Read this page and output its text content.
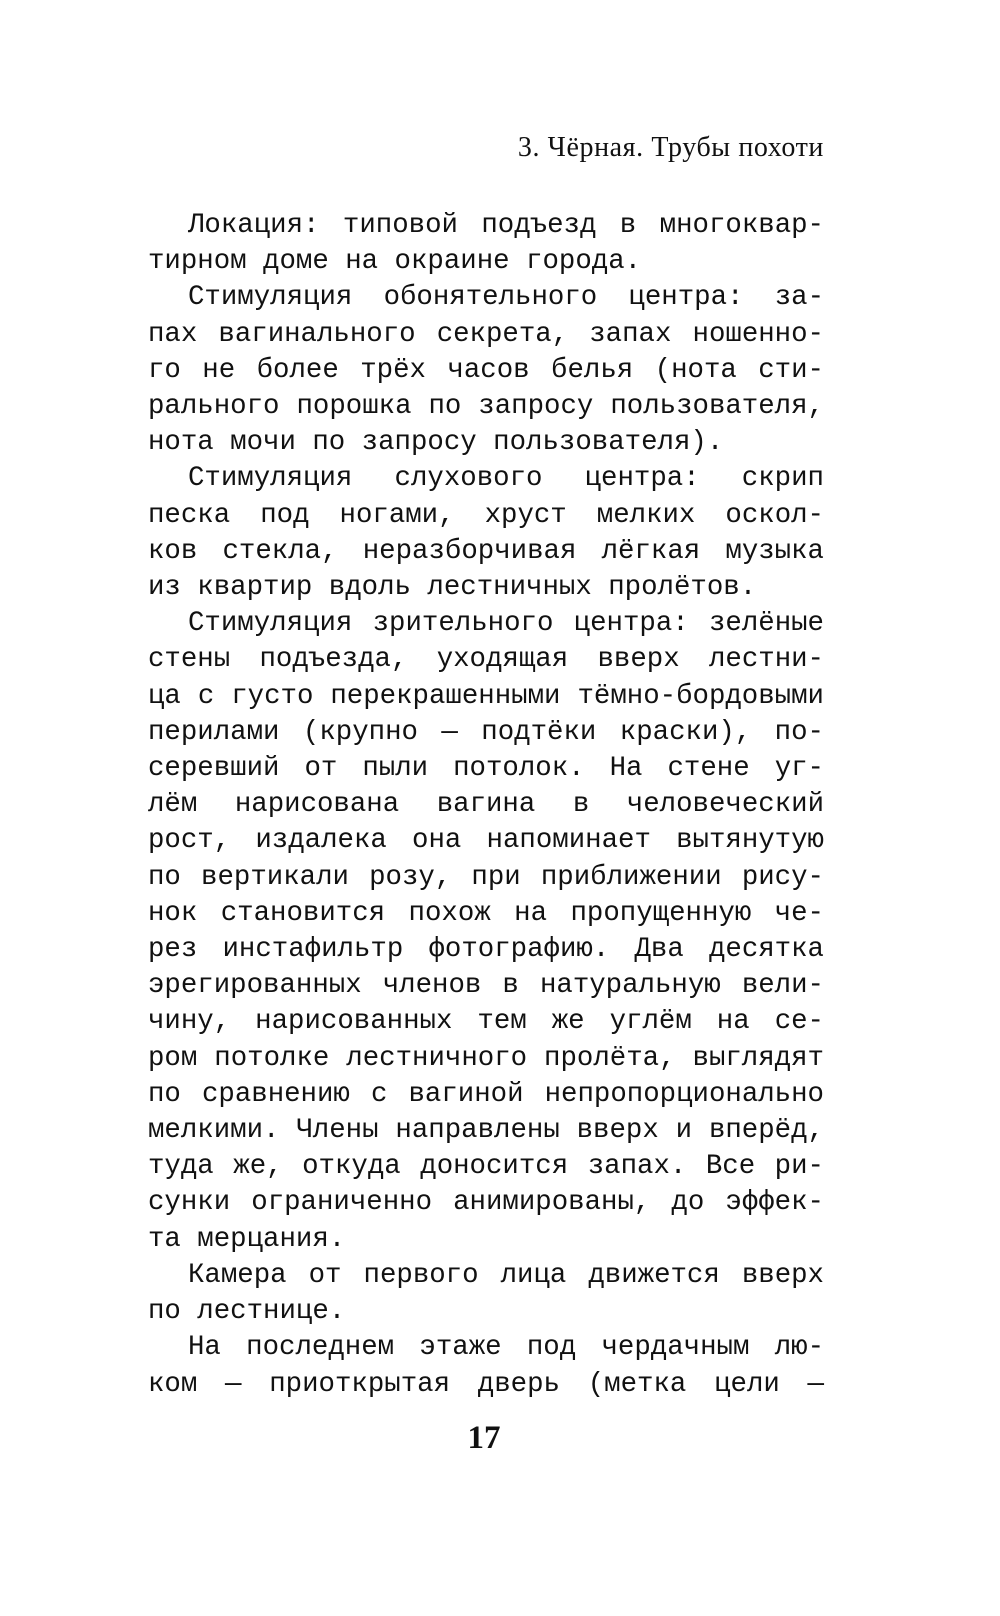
3. Чёрная. Трубы похоти
Локация: типовой подъезд в многоквар-
тирном доме на окраине города.
Стимуляция обонятельного центра: за-
пах вагинального секрета, запах ношенно-
го не более трёх часов белья (нота сти-
рального порошка по запросу пользователя,
нота мочи по запросу пользователя).
Стимуляция слухового центра: скрип
песка под ногами, хруст мелких оскол-
ков стекла, неразборчивая лёгкая музыка
из квартир вдоль лестничных пролётов.
Стимуляция зрительного центра: зелёные
стены подъезда, уходящая вверх лестни-
ца с густо перекрашенными тёмно-бордовыми
перилами (крупно — подтёки краски), по-
серевший от пыли потолок. На стене уг-
лём нарисована вагина в человеческий
рост, издалека она напоминает вытянутую
по вертикали розу, при приближении рису-
нок становится похож на пропущенную че-
рез инстафильтр фотографию. Два десятка
эрегированных членов в натуральную вели-
чину, нарисованных тем же углём на се-
ром потолке лестничного пролёта, выглядят
по сравнению с вагиной непропорционально
мелкими. Члены направлены вверх и вперёд,
туда же, откуда доносится запах. Все ри-
сунки ограниченно анимированы, до эффек-
та мерцания.
Камера от первого лица движется вверх
по лестнице.
На последнем этаже под чердачным лю-
ком — приоткрытая дверь (метка цели —
17
